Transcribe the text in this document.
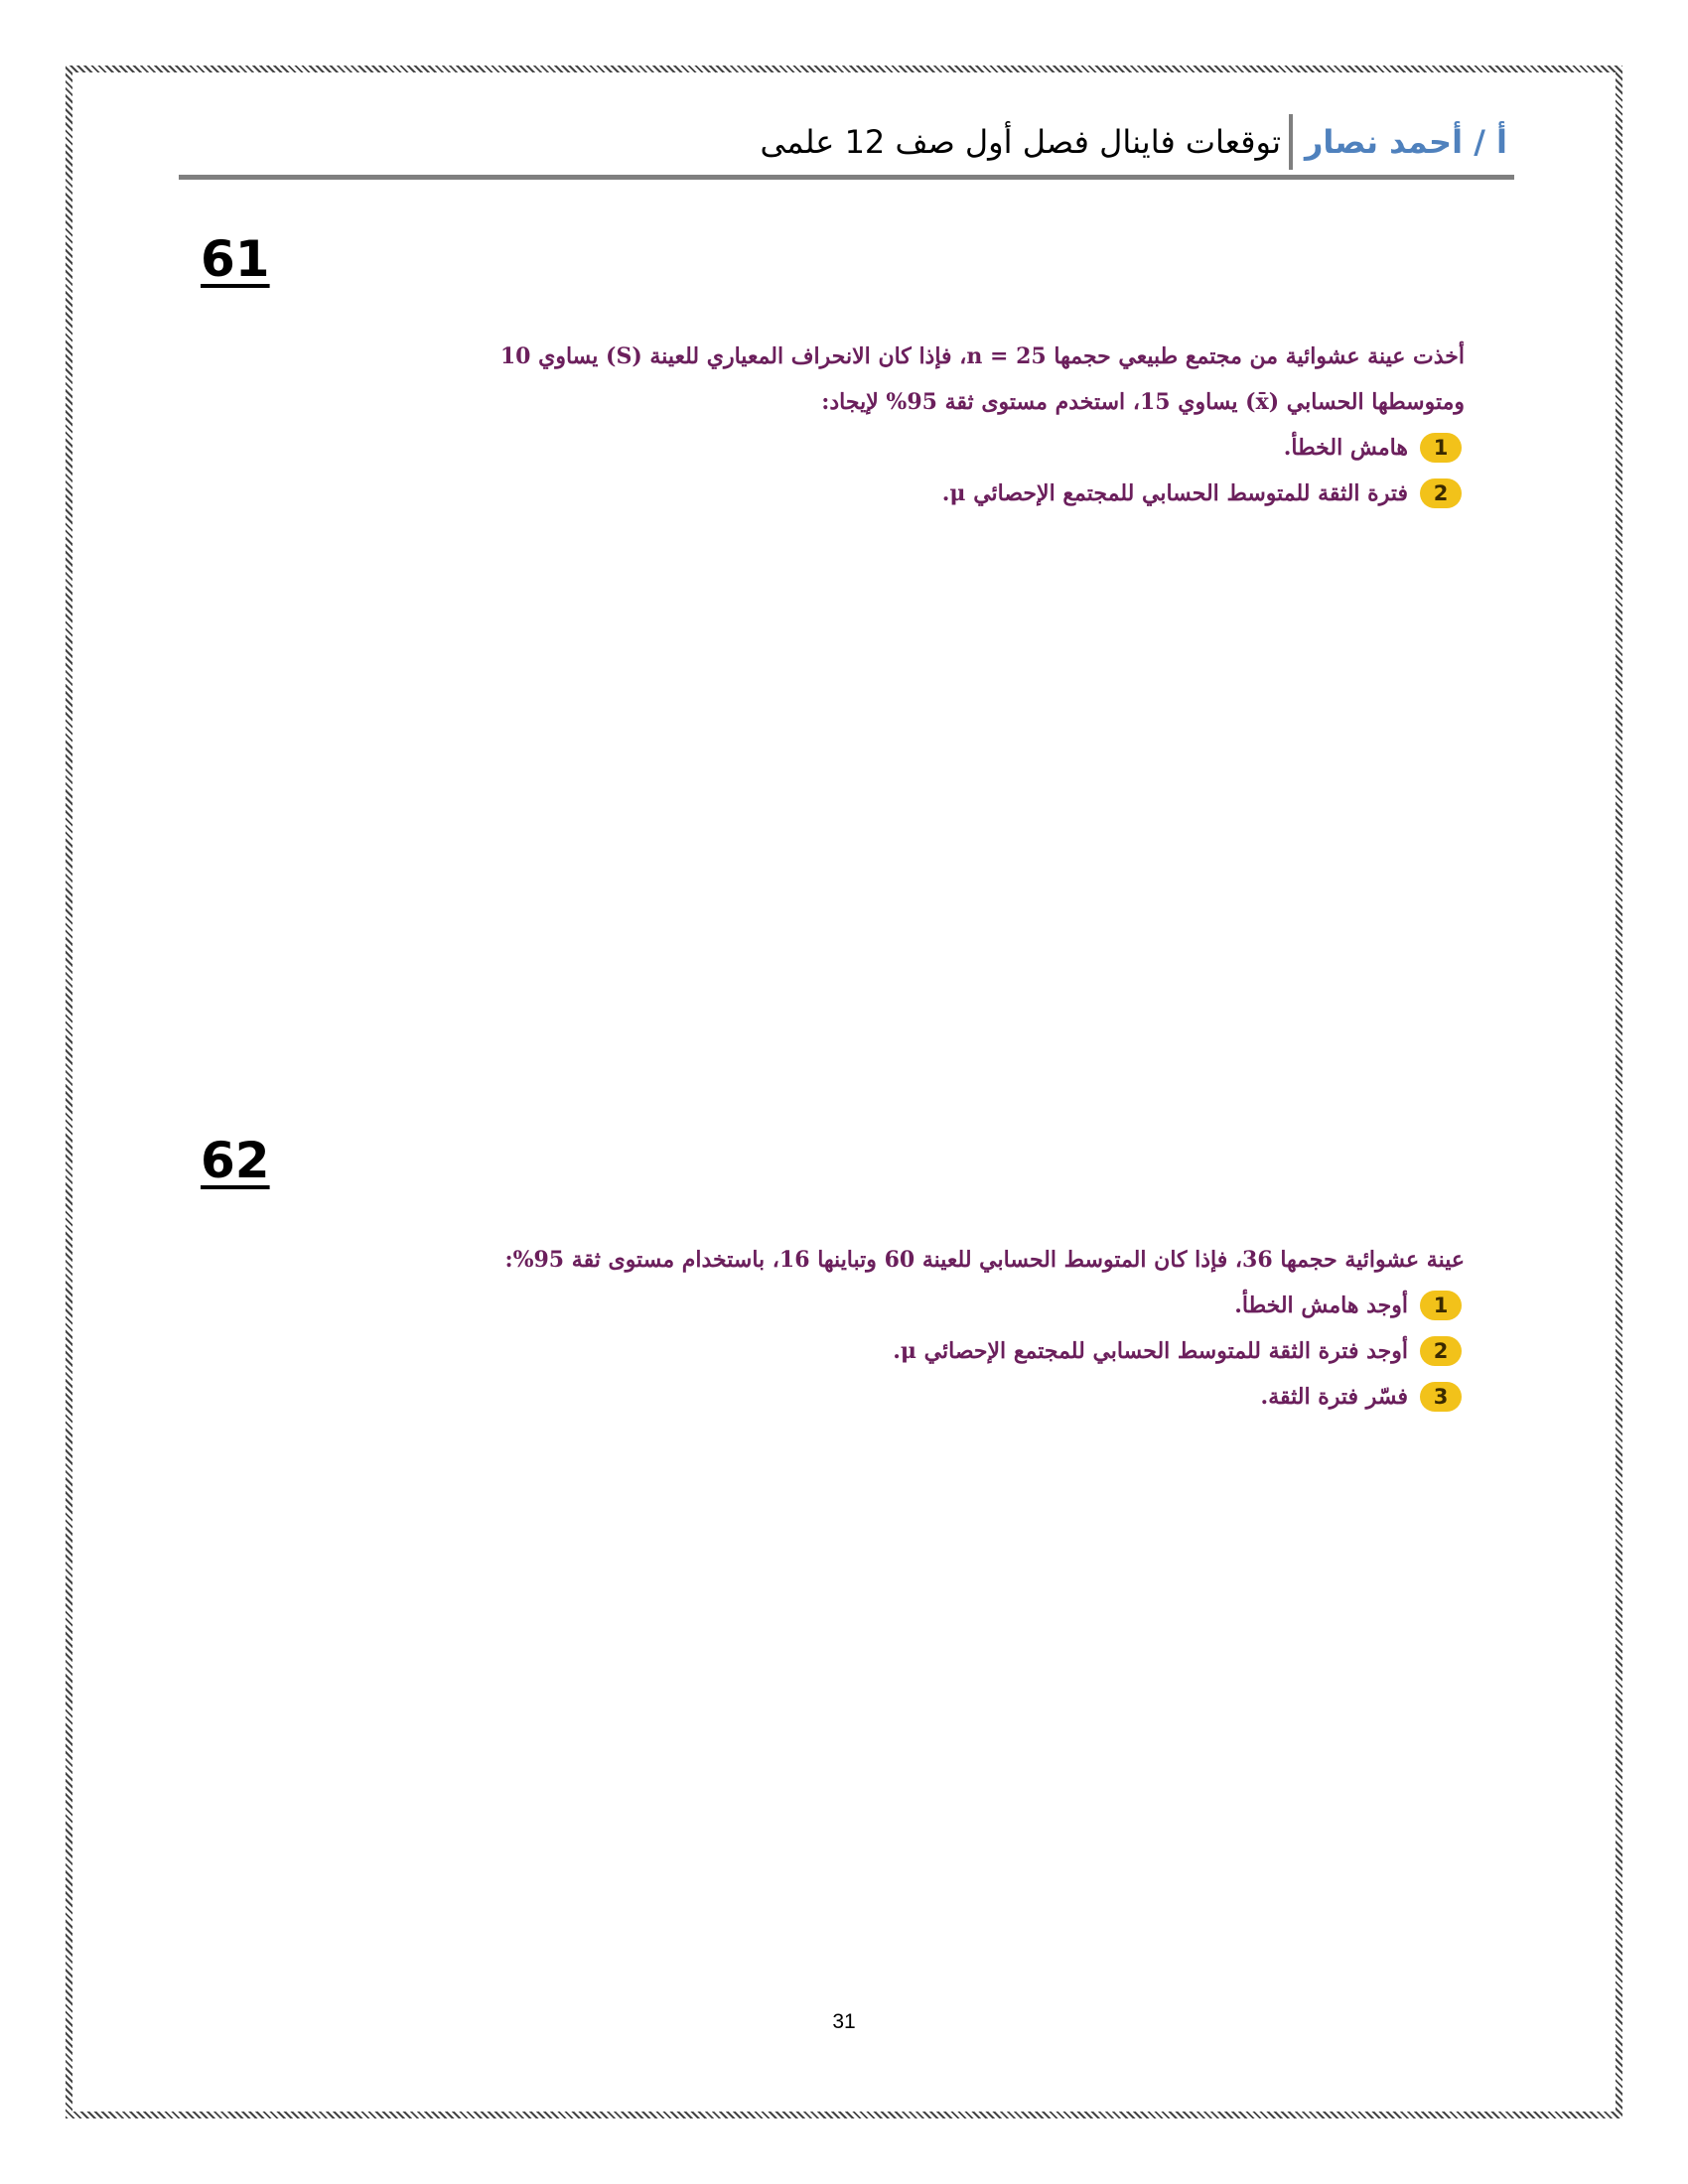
أ / أحمد نصار
توقعات فاينال فصل أول صف 12 علمى
61
أخذت عينة عشوائية من مجتمع طبيعي حجمها 25 = n، فإذا كان الانحراف المعياري للعينة (S) يساوي 10
ومتوسطها الحسابي (x̄) يساوي 15، استخدم مستوى ثقة 95% لإيجاد:
1
هامش الخطأ.
2
فترة الثقة للمتوسط الحسابي للمجتمع الإحصائي μ.
62
عينة عشوائية حجمها 36، فإذا كان المتوسط الحسابي للعينة 60 وتباينها 16، باستخدام مستوى ثقة 95%:
1
أوجد هامش الخطأ.
2
أوجد فترة الثقة للمتوسط الحسابي للمجتمع الإحصائي μ.
3
فسّر فترة الثقة.
31
